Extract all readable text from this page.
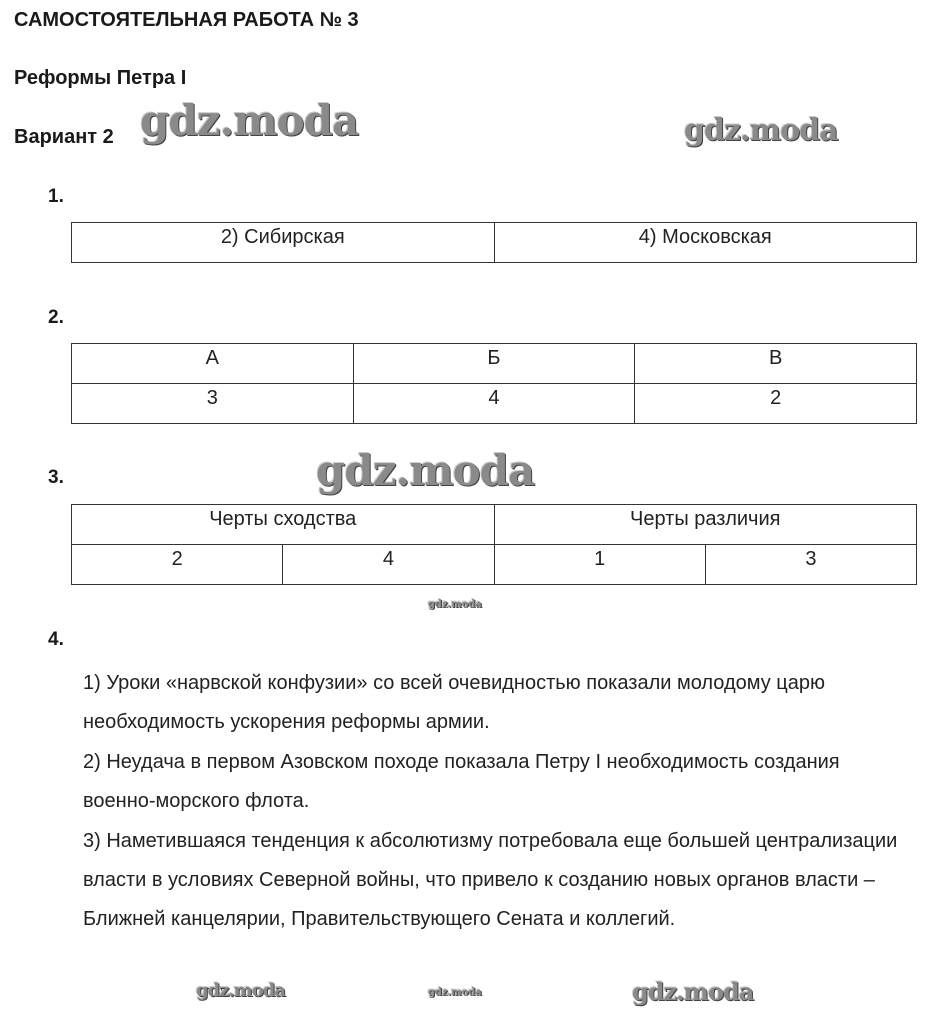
САМОСТОЯТЕЛЬНАЯ РАБОТА № 3
Реформы Петра I
Вариант 2
1.
2) Сибирская	4) Московская
2.
А	Б	В
3	4	2
3.
Черты сходства		Черты различия	
2	4	1	3
4.

1) Уроки «нарвской конфузии» со всей очевидностью показали молодому царю необходимость ускорения реформы армии.

2) Неудача в первом Азовском походе показала Петру I необходимость создания военно-морского флота.

3) Наметившаяся тенденция к абсолютизму потребовала еще большей централизации власти в условиях Северной войны, что привело к созданию новых органов власти – Ближней канцелярии, Правительствующего Сената и коллегий.

gdz.moda	gdz.moda
gdz.moda
gdz.moda
gdz.moda
gdz.moda
gdz.moda
